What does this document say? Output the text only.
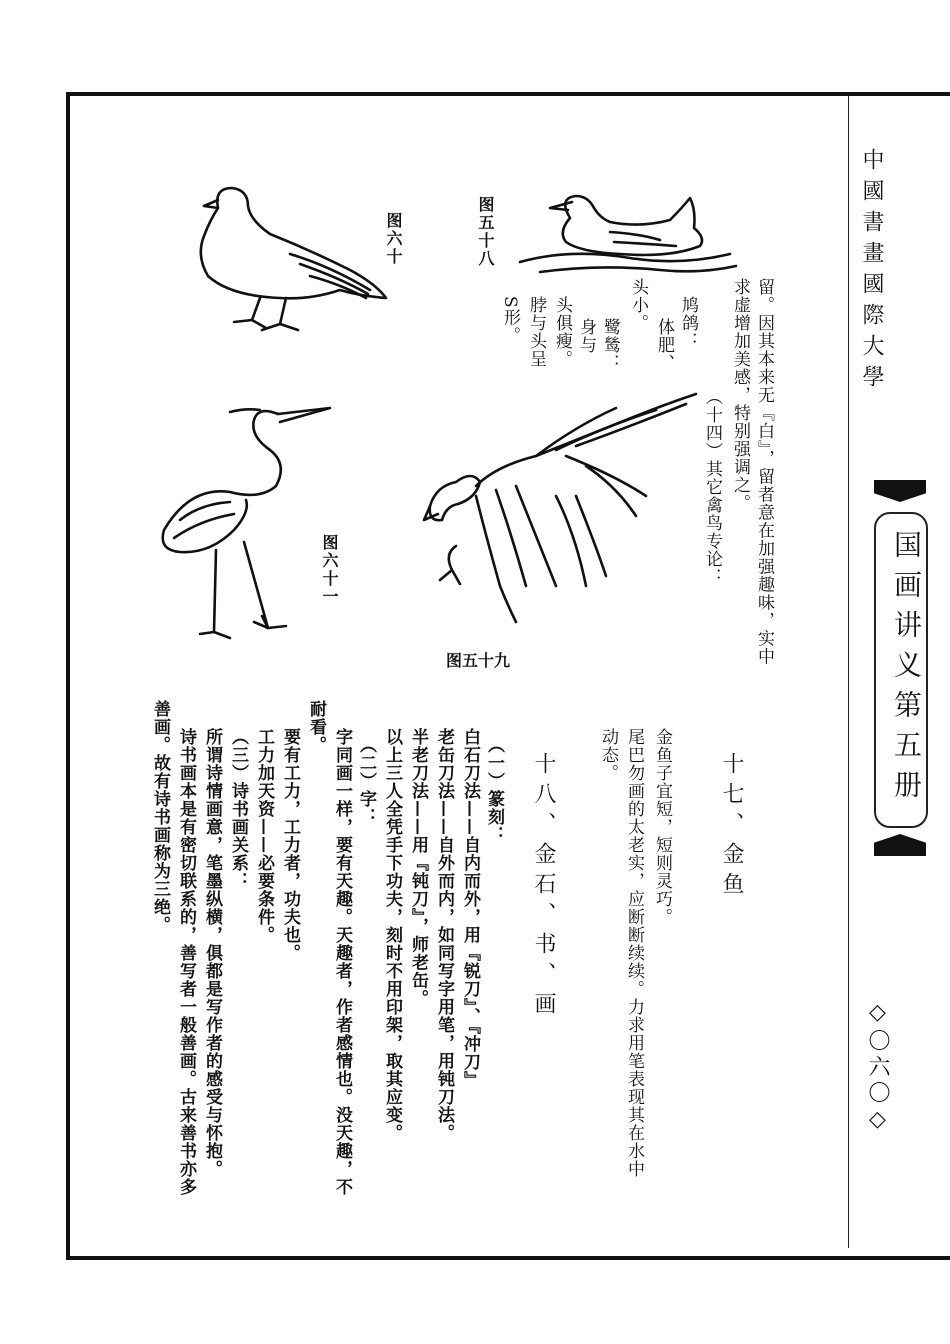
中國書畫國際大學
国画讲义第五册
◇〇六〇◇
留。因其本来无『白』，留者意在加强趣味，实中
求虚增加美感，特别强调之。
（十四）其它禽鸟专论：
鸠鸽：
体肥、
头小。
鹭鸶：
身与
头俱瘦。
脖与头呈
S形。
图五十八
图六十
图六十一
图五十九
十七、金鱼
金鱼子宜短，短则灵巧。
尾巴勿画的太老实，应断断续续。力求用笔表现其在水中
动态。
十八、金石、书、画
（一）篆刻：
白石刀法——自内而外，用『锐刀』、『冲刀』
老缶刀法——自外而内，如同写字用笔，用钝刀法。
半老刀法——用『钝刀』，师老缶。
以上三人全凭手下功夫，刻时不用印架，取其应变。
（二）字：
字同画一样，要有天趣。天趣者，作者感情也。没天趣，不
耐看。
要有工力，工力者，功夫也。
工力加天资——必要条件。
（三）诗书画关系：
所谓诗情画意，笔墨纵横，俱都是写作者的感受与怀抱。
诗书画本是有密切联系的，善写者一般善画。古来善书亦多
善画。故有诗书画称为三绝。
